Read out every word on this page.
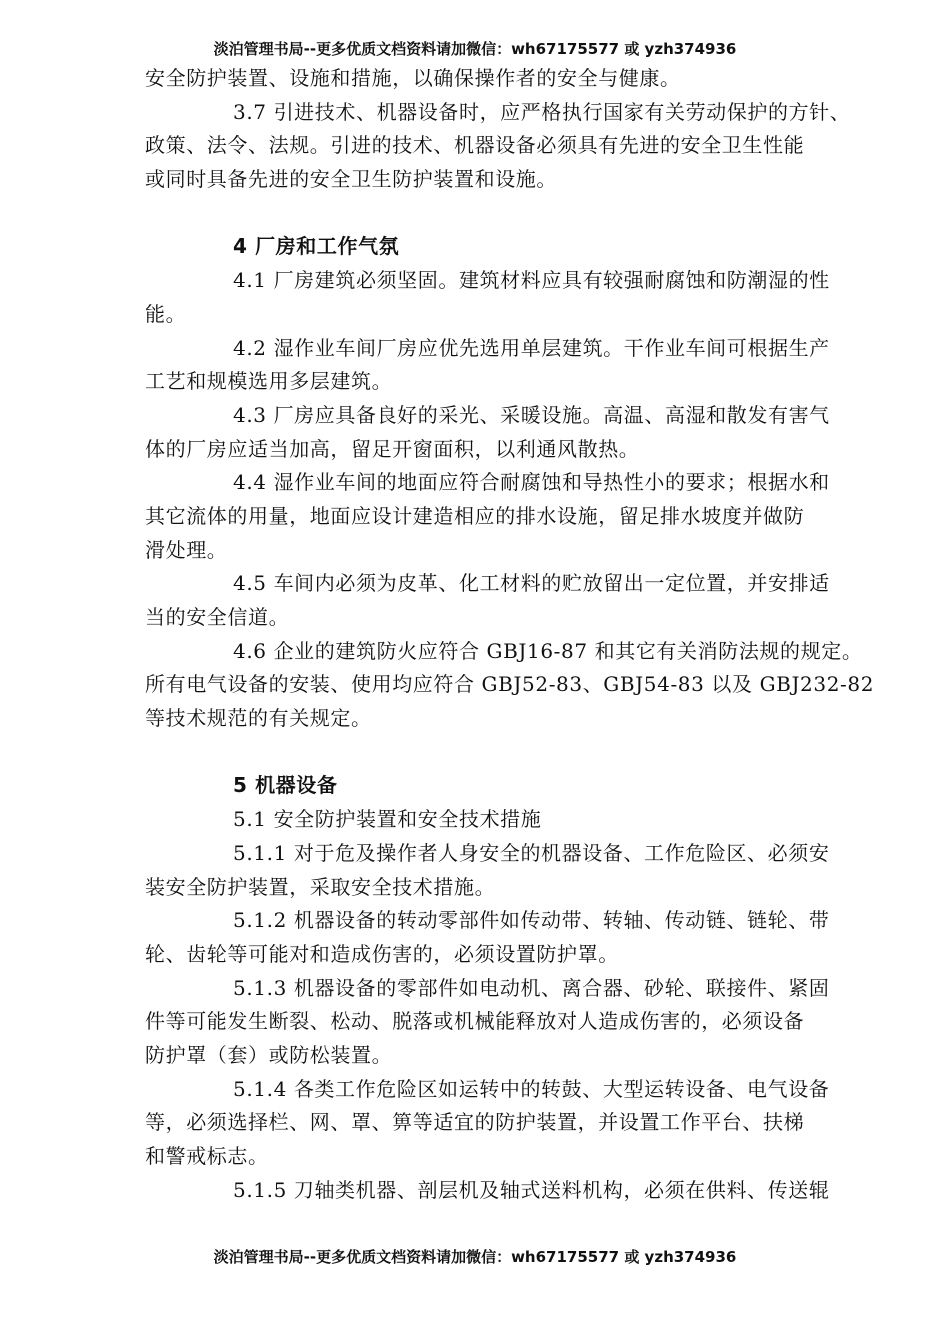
淡泊管理书局--更多优质文档资料请加微信：wh67175577 或 yzh374936
安全防护装置、设施和措施，以确保操作者的安全与健康。
3.7 引进技术、机器设备时，应严格执行国家有关劳动保护的方针、
政策、法令、法规。引进的技术、机器设备必须具有先进的安全卫生性能
或同时具备先进的安全卫生防护装置和设施。
4 厂房和工作气氛
4.1 厂房建筑必须坚固。建筑材料应具有较强耐腐蚀和防潮湿的性
能。
4.2 湿作业车间厂房应优先选用单层建筑。干作业车间可根据生产
工艺和规模选用多层建筑。
4.3 厂房应具备良好的采光、采暖设施。高温、高湿和散发有害气
体的厂房应适当加高，留足开窗面积，以利通风散热。
4.4 湿作业车间的地面应符合耐腐蚀和导热性小的要求；根据水和
其它流体的用量，地面应设计建造相应的排水设施，留足排水坡度并做防
滑处理。
4.5 车间内必须为皮革、化工材料的贮放留出一定位置，并安排适
当的安全信道。
4.6 企业的建筑防火应符合 GBJ16-87 和其它有关消防法规的规定。
所有电气设备的安装、使用均应符合 GBJ52-83、GBJ54-83 以及 GBJ232-82
等技术规范的有关规定。
5 机器设备
5.1 安全防护装置和安全技术措施
5.1.1 对于危及操作者人身安全的机器设备、工作危险区、必须安
装安全防护装置，采取安全技术措施。
5.1.2 机器设备的转动零部件如传动带、转轴、传动链、链轮、带
轮、齿轮等可能对和造成伤害的，必须设置防护罩。
5.1.3 机器设备的零部件如电动机、离合器、砂轮、联接件、紧固
件等可能发生断裂、松动、脱落或机械能释放对人造成伤害的，必须设备
防护罩（套）或防松装置。
5.1.4 各类工作危险区如运转中的转鼓、大型运转设备、电气设备
等，必须选择栏、网、罩、箅等适宜的防护装置，并设置工作平台、扶梯
和警戒标志。
5.1.5 刀轴类机器、剖层机及轴式送料机构，必须在供料、传送辊
淡泊管理书局--更多优质文档资料请加微信：wh67175577 或 yzh374936
